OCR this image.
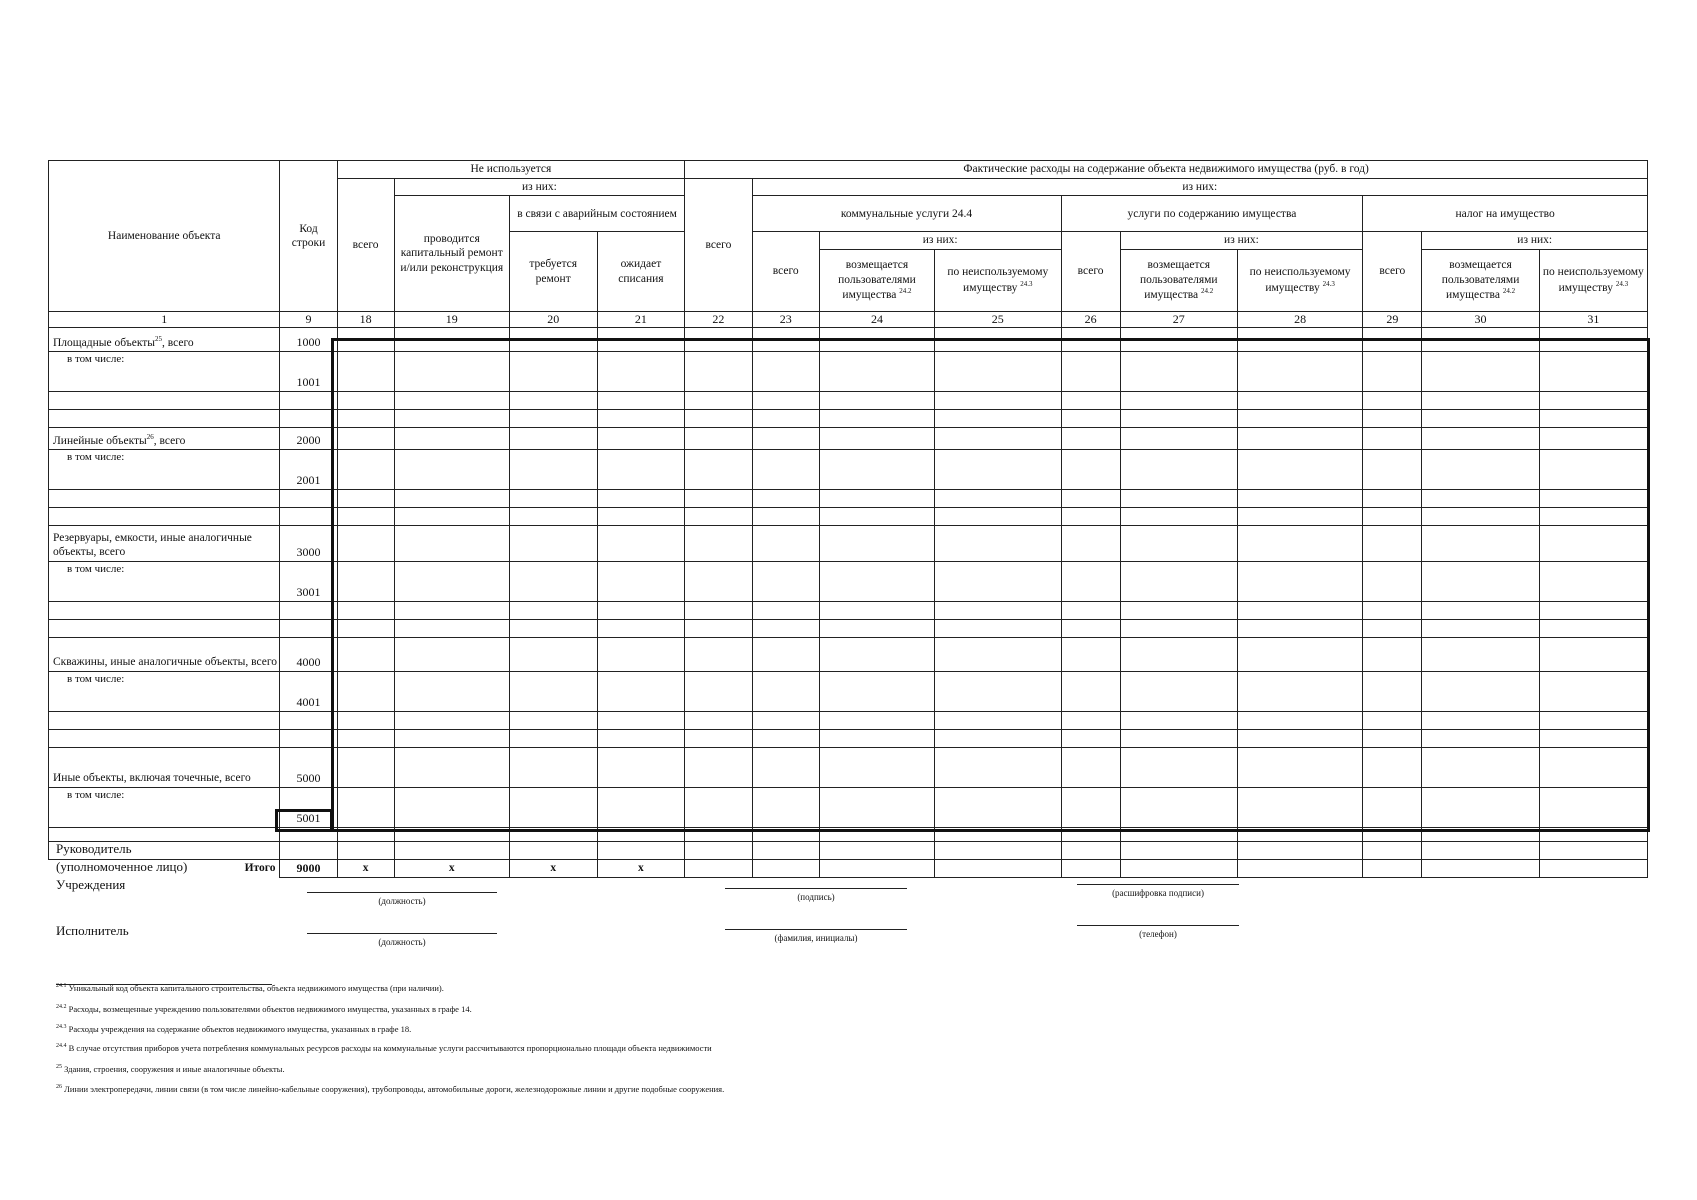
Наименование объекта	Код строки	Не используется				Фактические расходы на содержание объекта недвижимого имущества (руб. в год)									
		всего	из них:			всего	из них:								
			проводится капитальный ремонт и/или реконструкция	в связи с аварийным состоянием			коммунальные услуги 24.4			услуги по содержанию имущества			налог на имущество		
				требуется ремонт	ожидает списания		всего	из них:		всего	из них:		всего	из них:	
								возмещается пользователями имущества $^{24.2}$	по неиспользуемому имуществу $^{24.3}$		возмещается пользователями имущества $^{24.2}$	по неиспользуемому имуществу $^{24.3}$		возмещается пользователями имущества $^{24.2}$	по неиспользуемому имуществу $^{24.3}$
1	9	18	19	20	21	22	23	24	25	26	27	28	29	30	31
Площадные объекты$^{25}$, всего	1000														
в том числе:	1001														

Линейные объекты$^{26}$, всего	2000														
в том числе:	2001														

Резервуары, емкости, иные аналогичные объекты, всего	3000														
в том числе:	3001														

Скважины, иные аналогичные объекты, всего	4000														
в том числе:	4001														

Иные объекты, включая точечные, всего	5000														
в том числе:	5001														

Итого	9000	x	x	x	x										
Руководитель
(уполномоченное лицо)
Учреждения
(должность)	(подпись)	(расшифровка подписи)
Исполнитель
(должность)	(фамилия, инициалы)	(телефон)
$^{24.1}$ Уникальный код объекта капитального строительства, объекта недвижимого имущества (при наличии).
$^{24.2}$ Расходы, возмещенные учреждению пользователями объектов недвижимого имущества, указанных в графе 14.
$^{24.3}$ Расходы учреждения на содержание объектов недвижимого имущества, указанных в графе 18.
$^{24.4}$ В случае отсутствия приборов учета потребления коммунальных ресурсов расходы на коммунальные услуги рассчитываются пропорционально площади объекта недвижимости
$^{25}$ Здания, строения, сооружения и иные аналогичные объекты.
$^{26}$ Линии электропередачи, линии связи (в том числе линейно-кабельные сооружения), трубопроводы, автомобильные дороги, железнодорожные линии и другие подобные сооружения.
